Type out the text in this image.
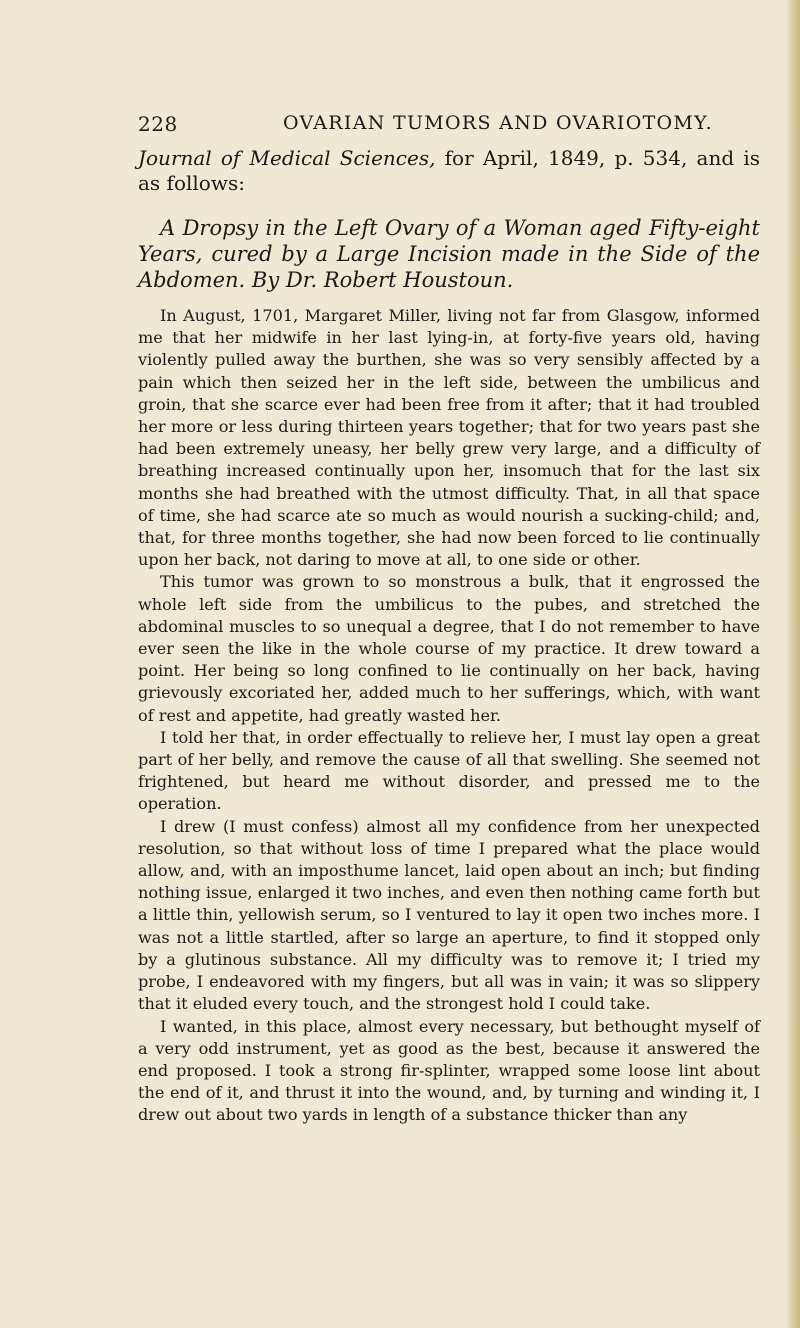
228	OVARIAN TUMORS AND OVARIOTOMY.

Journal of Medical Sciences, for April, 1849, p. 534, and is as follows:

A Dropsy in the Left Ovary of a Woman aged Fifty-eight Years, cured by a Large Incision made in the Side of the Abdomen. By Dr. Robert Houstoun.

In August, 1701, Margaret Miller, living not far from Glasgow, informed me that her midwife in her last lying-in, at forty-five years old, having violently pulled away the burthen, she was so very sensibly affected by a pain which then seized her in the left side, between the umbilicus and groin, that she scarce ever had been free from it after; that it had troubled her more or less during thirteen years together; that for two years past she had been extremely uneasy, her belly grew very large, and a difficulty of breathing increased continually upon her, insomuch that for the last six months she had breathed with the utmost difficulty. That, in all that space of time, she had scarce ate so much as would nourish a sucking-child; and, that, for three months together, she had now been forced to lie continually upon her back, not daring to move at all, to one side or other.

This tumor was grown to so monstrous a bulk, that it engrossed the whole left side from the umbilicus to the pubes, and stretched the abdominal muscles to so unequal a degree, that I do not remember to have ever seen the like in the whole course of my practice. It drew toward a point. Her being so long confined to lie continually on her back, having grievously excoriated her, added much to her sufferings, which, with want of rest and appetite, had greatly wasted her.

I told her that, in order effectually to relieve her, I must lay open a great part of her belly, and remove the cause of all that swelling. She seemed not frightened, but heard me without disorder, and pressed me to the operation.

I drew (I must confess) almost all my confidence from her unexpected resolution, so that without loss of time I prepared what the place would allow, and, with an imposthume lancet, laid open about an inch; but finding nothing issue, enlarged it two inches, and even then nothing came forth but a little thin, yellowish serum, so I ventured to lay it open two inches more. I was not a little startled, after so large an aperture, to find it stopped only by a glutinous substance. All my difficulty was to remove it; I tried my probe, I endeavored with my fingers, but all was in vain; it was so slippery that it eluded every touch, and the strongest hold I could take.

I wanted, in this place, almost every necessary, but bethought myself of a very odd instrument, yet as good as the best, because it answered the end proposed. I took a strong fir-splinter, wrapped some loose lint about the end of it, and thrust it into the wound, and, by turning and winding it, I drew out about two yards in length of a substance thicker than any
